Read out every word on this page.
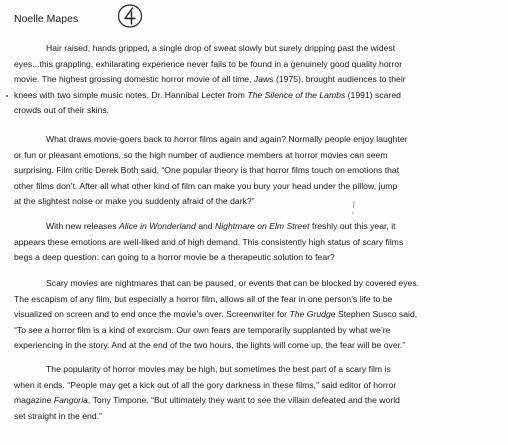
Noelle Mapes
Hair raised, hands gripped, a single drop of sweat slowly but surely dripping past the widest
eyes...this grappling, exhilarating experience never fails to be found in a genuinely good quality horror
movie. The highest grossing domestic horror movie of all time, Jaws (1975), brought audiences to their
knees with two simple music notes. Dr. Hannibal Lecter from The Silence of the Lambs (1991) scared
crowds out of their skins.
What draws movie-goers back to horror films again and again? Normally people enjoy laughter
or fun or pleasant emotions, so the high number of audience members at horror movies can seem
surprising. Film critic Derek Both said, “One popular theory is that horror films touch on emotions that
other films don’t. After all what other kind of film can make you bury your head under the pillow, jump
at the slightest noise or make you suddenly afraid of the dark?”
With new releases Alice in Wonderland and Nightmare on Elm Street freshly out this year, it
appears these emotions are well-liked and of high demand. This consistently high status of scary films
begs a deep question: can going to a horror movie be a therapeutic solution to fear?
Scary movies are nightmares that can be paused, or events that can be blocked by covered eyes.
The escapism of any film, but especially a horror film, allows all of the fear in one person’s life to be
visualized on screen and to end once the movie’s over. Screenwriter for The Grudge Stephen Susco said,
“To see a horror film is a kind of exorcism. Our own fears are temporarily supplanted by what we’re
experiencing in the story. And at the end of the two hours, the lights will come up, the fear will be over.”
The popularity of horror movies may be high, but sometimes the best part of a scary film is
when it ends. “People may get a kick out of all the gory darkness in these films,” said editor of horror
magazine Fangoria, Tony Timpone. “But ultimately they want to see the villain defeated and the world
set straight in the end.”
